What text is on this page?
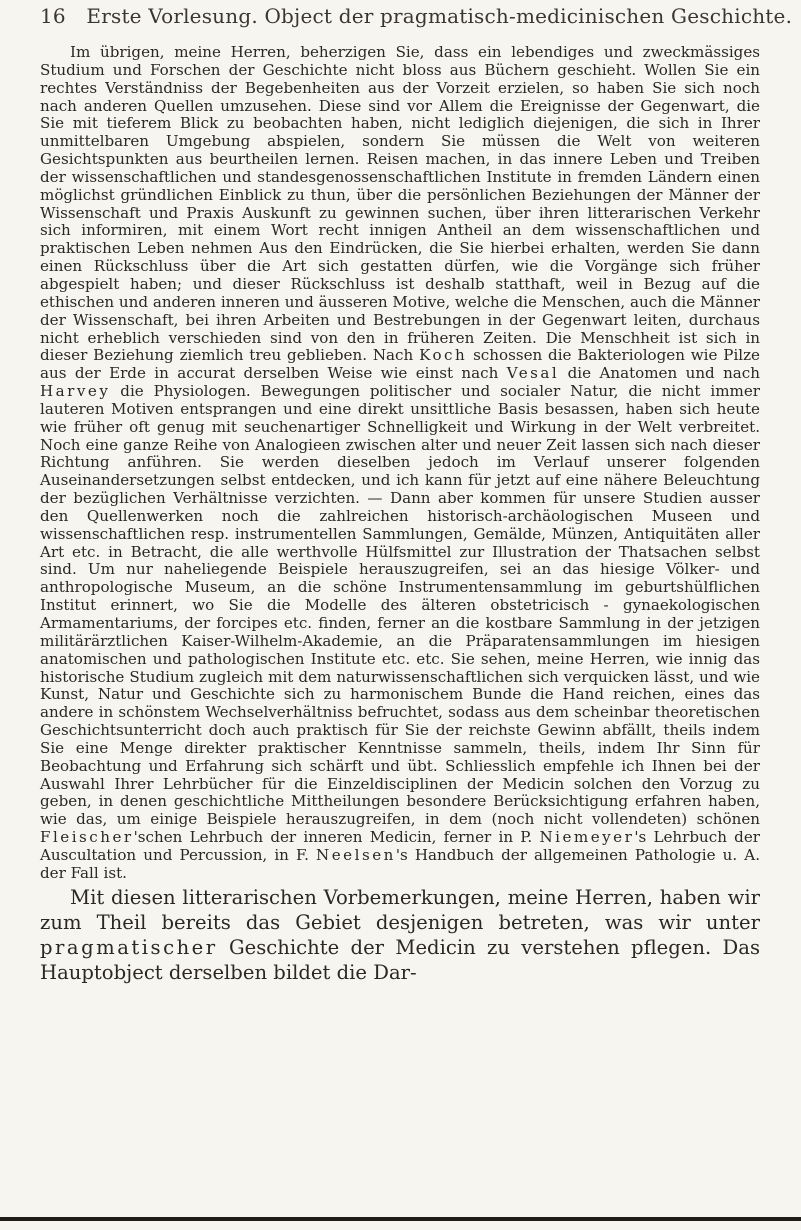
16 Erste Vorlesung. Object der pragmatisch-medicinischen Geschichte.

Im übrigen, meine Herren, beherzigen Sie, dass ein lebendiges und zweckmässiges Studium und Forschen der Geschichte nicht bloss aus Büchern geschieht. Wollen Sie ein rechtes Verständniss der Begebenheiten aus der Vorzeit erzielen, so haben Sie sich noch nach anderen Quellen umzusehen. Diese sind vor Allem die Ereignisse der Gegenwart, die Sie mit tieferem Blick zu beobachten haben, nicht lediglich diejenigen, die sich in Ihrer unmittelbaren Umgebung abspielen, sondern Sie müssen die Welt von weiteren Gesichtspunkten aus beurtheilen lernen. Reisen machen, in das innere Leben und Treiben der wissenschaftlichen und standesgenossenschaftlichen Institute in fremden Ländern einen möglichst gründlichen Einblick zu thun, über die persönlichen Beziehungen der Männer der Wissenschaft und Praxis Auskunft zu gewinnen suchen, über ihren litterarischen Verkehr sich informiren, mit einem Wort recht innigen Antheil an dem wissenschaftlichen und praktischen Leben nehmen Aus den Eindrücken, die Sie hierbei erhalten, werden Sie dann einen Rückschluss über die Art sich gestatten dürfen, wie die Vorgänge sich früher abgespielt haben; und dieser Rückschluss ist deshalb statthaft, weil in Bezug auf die ethischen und anderen inneren und äusseren Motive, welche die Menschen, auch die Männer der Wissenschaft, bei ihren Arbeiten und Bestrebungen in der Gegenwart leiten, durchaus nicht erheblich verschieden sind von den in früheren Zeiten. Die Menschheit ist sich in dieser Beziehung ziemlich treu geblieben. Nach Koch schossen die Bakteriologen wie Pilze aus der Erde in accurat derselben Weise wie einst nach Vesal die Anatomen und nach Harvey die Physiologen. Bewegungen politischer und socialer Natur, die nicht immer lauteren Motiven entsprangen und eine direkt unsittliche Basis besassen, haben sich heute wie früher oft genug mit seuchenartiger Schnelligkeit und Wirkung in der Welt verbreitet. Noch eine ganze Reihe von Analogieen zwischen alter und neuer Zeit lassen sich nach dieser Richtung anführen. Sie werden dieselben jedoch im Verlauf unserer folgenden Auseinandersetzungen selbst entdecken, und ich kann für jetzt auf eine nähere Beleuchtung der bezüglichen Verhältnisse verzichten. — Dann aber kommen für unsere Studien ausser den Quellenwerken noch die zahlreichen historisch-archäologischen Museen und wissenschaftlichen resp. instrumentellen Sammlungen, Gemälde, Münzen, Antiquitäten aller Art etc. in Betracht, die alle werthvolle Hülfsmittel zur Illustration der Thatsachen selbst sind. Um nur naheliegende Beispiele herauszugreifen, sei an das hiesige Völker- und anthropologische Museum, an die schöne Instrumentensammlung im geburtshülflichen Institut erinnert, wo Sie die Modelle des älteren obstetricisch - gynaekologischen Armamentariums, der forcipes etc. finden, ferner an die kostbare Sammlung in der jetzigen militärärztlichen Kaiser-Wilhelm-Akademie, an die Präparatensammlungen im hiesigen anatomischen und pathologischen Institute etc. etc. Sie sehen, meine Herren, wie innig das historische Studium zugleich mit dem naturwissenschaftlichen sich verquicken lässt, und wie Kunst, Natur und Geschichte sich zu harmonischem Bunde die Hand reichen, eines das andere in schönstem Wechselverhältniss befruchtet, sodass aus dem scheinbar theoretischen Geschichtsunterricht doch auch praktisch für Sie der reichste Gewinn abfällt, theils indem Sie eine Menge direkter praktischer Kenntnisse sammeln, theils, indem Ihr Sinn für Beobachtung und Erfahrung sich schärft und übt. Schliesslich empfehle ich Ihnen bei der Auswahl Ihrer Lehrbücher für die Einzeldisciplinen der Medicin solchen den Vorzug zu geben, in denen geschichtliche Mittheilungen besondere Berücksichtigung erfahren haben, wie das, um einige Beispiele herauszugreifen, in dem (noch nicht vollendeten) schönen Fleischer'schen Lehrbuch der inneren Medicin, ferner in P. Niemeyer's Lehrbuch der Auscultation und Percussion, in F. Neelsen's Handbuch der allgemeinen Pathologie u. A. der Fall ist.

Mit diesen litterarischen Vorbemerkungen, meine Herren, haben wir zum Theil bereits das Gebiet desjenigen betreten, was wir unter pragmatischer Geschichte der Medicin zu verstehen pflegen. Das Hauptobject derselben bildet die Dar-
